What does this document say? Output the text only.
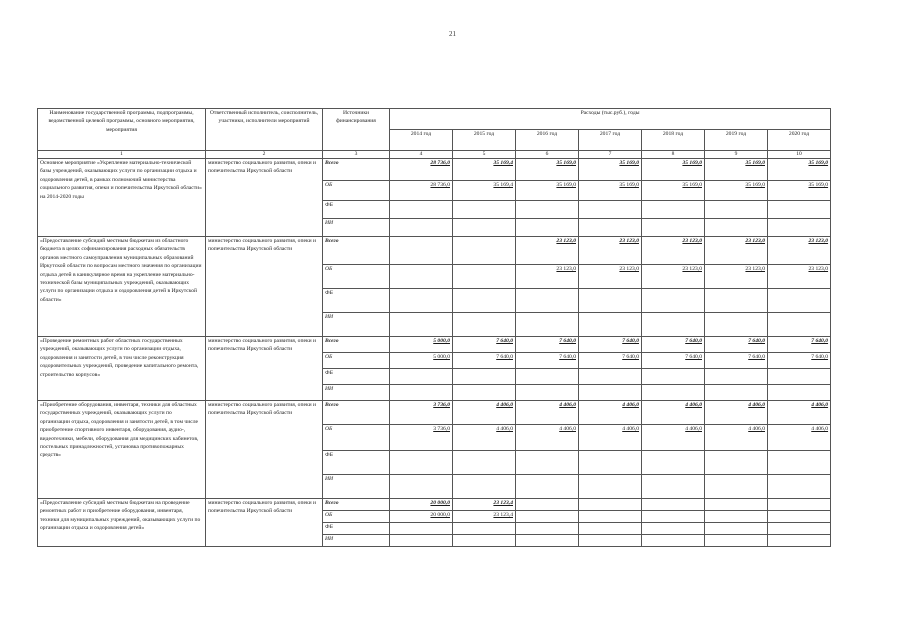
21
Наименование государственной программы, подпрограммы, ведомственной целевой программы, основного мероприятия, мероприятия	Ответственный исполнитель, соисполнитель, участники, исполнители мероприятий	Источники финансирования	Расходы (тыс.руб.), годы						
			2014 год	2015 год	2016 год	2017 год	2018 год	2019 год	2020 год
1	2	3	4	5	6	7	8	9	10
Основное мероприятие «Укрепление материально-технической базы учреждений, оказывающих услуги по организации отдыха и оздоровления детей, в рамках полномочий министерства социального развития, опеки и попечительства Иркутской области» на 2014-2020 годы	министерство социального развития, опеки и попечительства Иркутской области	Всего	28 736,0	35 169,4	35 169,0	35 169,0	35 169,0	35 169,0	35 169,0
		ОБ	28 736,0	35 169,4	35 169,0	35 169,0	35 169,0	35 169,0	35 169,0
		ФБ							
		ИИ							
«Предоставление субсидий местным бюджетам из областного бюджета в целях софинансирования расходных обязательств органов местного самоуправления муниципальных образований Иркутской области по вопросам местного значения по организации отдыха детей в каникулярное время на укрепление материально-технической базы муниципальных учреждений, оказывающих услуги по организации отдыха и оздоровления детей в Иркутской области»	министерство социального развития, опеки и попечительства Иркутской области	Всего			23 123,0	23 123,0	23 123,0	23 123,0	23 123,0
		ОБ			23 123,0	23 123,0	23 123,0	23 123,0	23 123,0
		ФБ							
		ИИ							
«Проведение ремонтных работ областных государственных учреждений, оказывающих услуги по организации отдыха, оздоровления и занятости детей, в том числе реконструкция оздоровительных учреждений, проведение капитального ремонта, строительство корпусов»	министерство социального развития, опеки и попечительства Иркутской области	Всего	5 000,0	7 640,0	7 640,0	7 640,0	7 640,0	7 640,0	7 640,0
		ОБ	5 000,0	7 640,0	7 640,0	7 640,0	7 640,0	7 640,0	7 640,0
		ФБ							
		ИИ							
«Приобретение оборудования, инвентаря, техники для областных государственных учреждений, оказывающих услуги по организации отдыха, оздоровления и занятости детей, в том числе приобретение спортивного инвентаря, оборудования, аудио-, видеотехники, мебели, оборудования для медицинских кабинетов, постельных принадлежностей, установка противопожарных средств»	министерство социального развития, опеки и попечительства Иркутской области	Всего	3 736,0	4 406,0	4 406,0	4 406,0	4 406,0	4 406,0	4 406,0
		ОБ	3 736,0	4 406,0	4 406,0	4 406,0	4 406,0	4 406,0	4 406,0
		ФБ							
		ИИ							
«Предоставление субсидий местным бюджетам на проведение ремонтных работ и приобретение оборудования, инвентаря, техники для муниципальных учреждений, оказывающих услуги по организации отдыха и оздоровления детей»	министерство социального развития, опеки и попечительства Иркутской области	Всего	20 000,0	23 123,4					
		ОБ	20 000,0	23 123,4					
		ФБ							
		ИИ							
